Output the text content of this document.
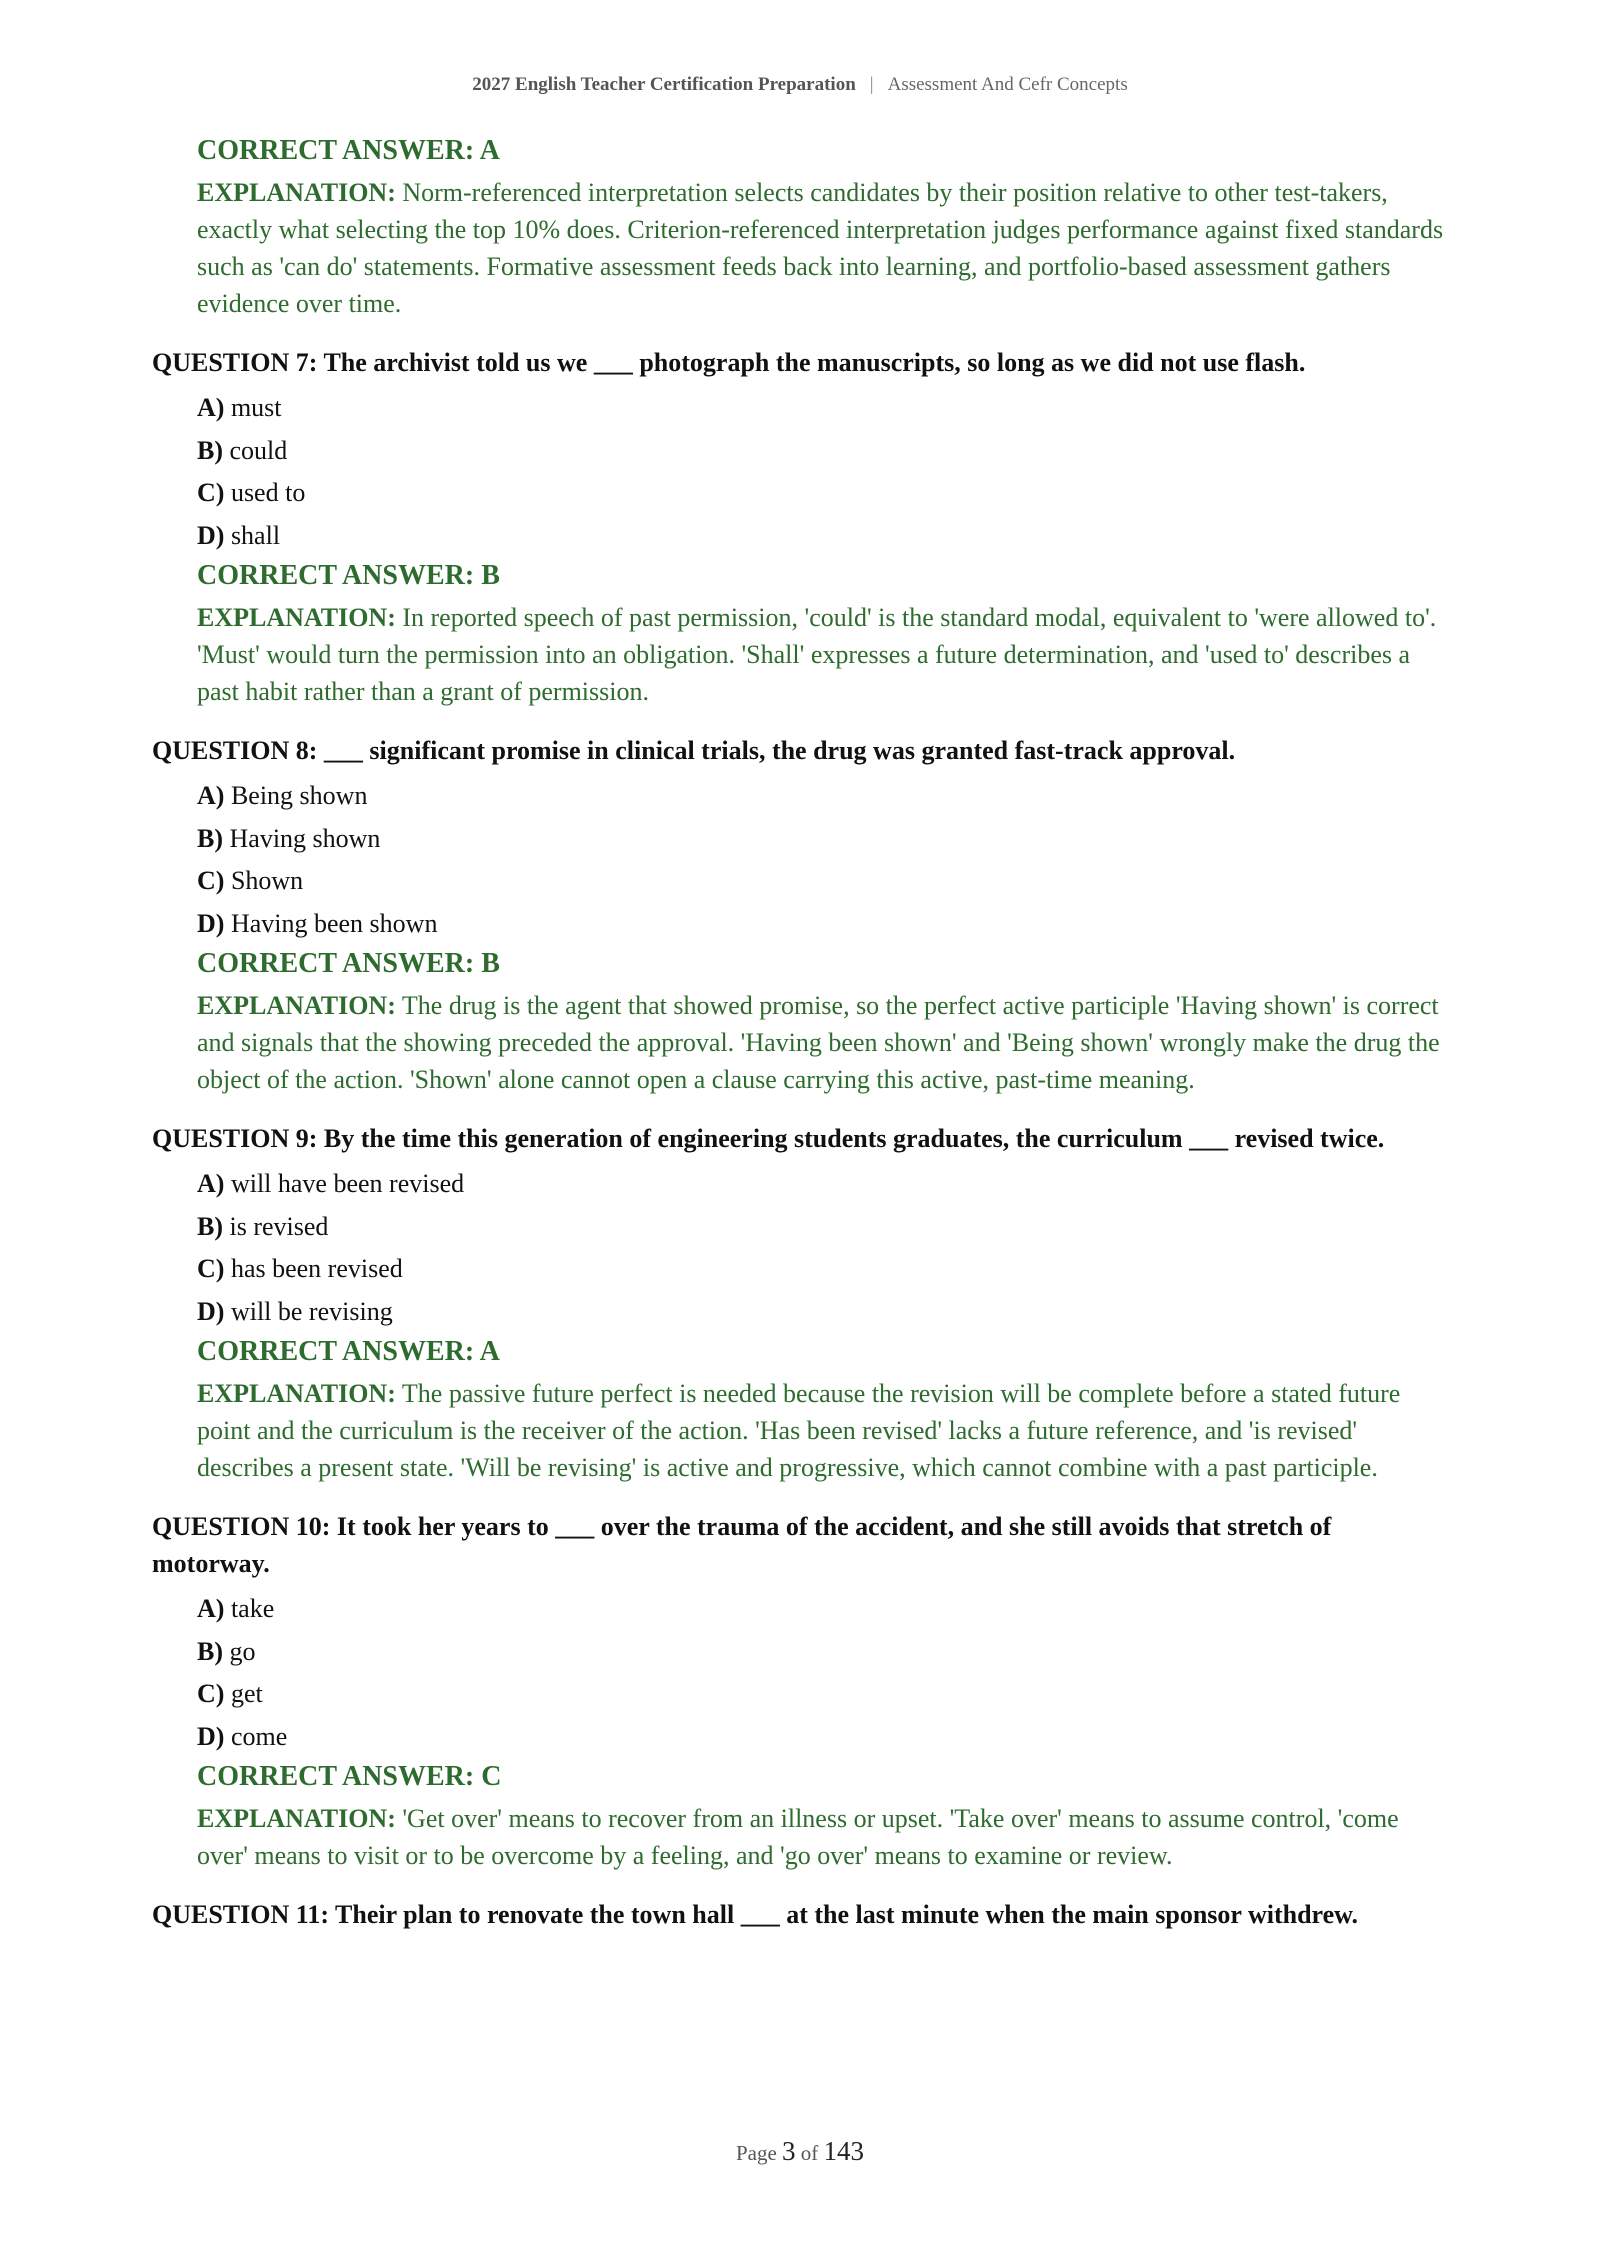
2027 English Teacher Certification Preparation | Assessment And Cefr Concepts

CORRECT ANSWER: A

EXPLANATION: Norm-referenced interpretation selects candidates by their position relative to other test-takers, exactly what selecting the top 10% does. Criterion-referenced interpretation judges performance against fixed standards such as 'can do' statements. Formative assessment feeds back into learning, and portfolio-based assessment gathers evidence over time.

QUESTION 7: The archivist told us we ___ photograph the manuscripts, so long as we did not use flash.

A) must
B) could
C) used to
D) shall

CORRECT ANSWER: B

EXPLANATION: In reported speech of past permission, 'could' is the standard modal, equivalent to 'were allowed to'. 'Must' would turn the permission into an obligation. 'Shall' expresses a future determination, and 'used to' describes a past habit rather than a grant of permission.

QUESTION 8: ___ significant promise in clinical trials, the drug was granted fast-track approval.

A) Being shown
B) Having shown
C) Shown
D) Having been shown

CORRECT ANSWER: B

EXPLANATION: The drug is the agent that showed promise, so the perfect active participle 'Having shown' is correct and signals that the showing preceded the approval. 'Having been shown' and 'Being shown' wrongly make the drug the object of the action. 'Shown' alone cannot open a clause carrying this active, past-time meaning.

QUESTION 9: By the time this generation of engineering students graduates, the curriculum ___ revised twice.

A) will have been revised
B) is revised
C) has been revised
D) will be revising

CORRECT ANSWER: A

EXPLANATION: The passive future perfect is needed because the revision will be complete before a stated future point and the curriculum is the receiver of the action. 'Has been revised' lacks a future reference, and 'is revised' describes a present state. 'Will be revising' is active and progressive, which cannot combine with a past participle.

QUESTION 10: It took her years to ___ over the trauma of the accident, and she still avoids that stretch of motorway.

A) take
B) go
C) get
D) come

CORRECT ANSWER: C

EXPLANATION: 'Get over' means to recover from an illness or upset. 'Take over' means to assume control, 'come over' means to visit or to be overcome by a feeling, and 'go over' means to examine or review.

QUESTION 11: Their plan to renovate the town hall ___ at the last minute when the main sponsor withdrew.

Page 3 of 143
